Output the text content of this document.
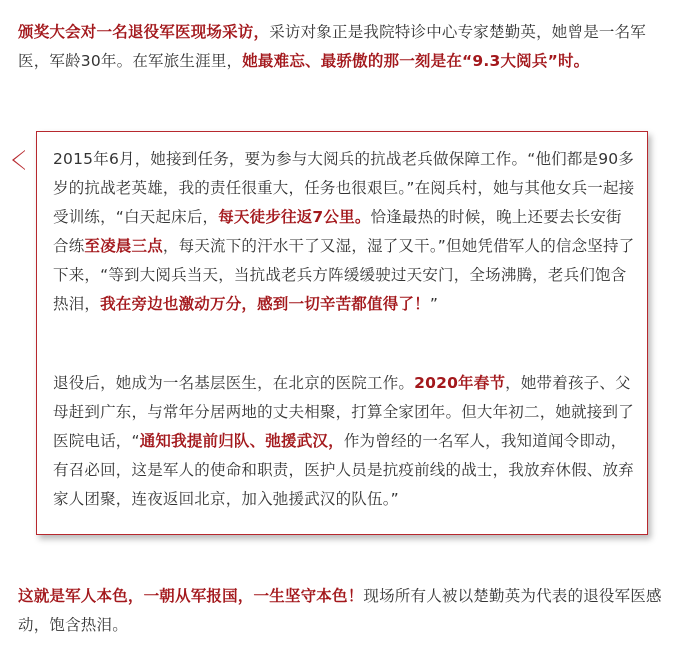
颁奖大会对一名退役军医现场采访，采访对象正是我院特诊中心专家楚勤英，她曾是一名军医，军龄30年。在军旅生涯里，她最难忘、最骄傲的那一刻是在“9.3大阅兵”时。

2015年6月，她接到任务，要为参与大阅兵的抗战老兵做保障工作。“他们都是90多岁的抗战老英雄，我的责任很重大，任务也很艰巨。”在阅兵村，她与其他女兵一起接受训练，“白天起床后，每天徒步往返7公里。恰逢最热的时候，晚上还要去长安街合练至凌晨三点，每天流下的汗水干了又湿，湿了又干。”但她凭借军人的信念坚持了下来，“等到大阅兵当天，当抗战老兵方阵缓缓驶过天安门，全场沸腾，老兵们饱含热泪，我在旁边也激动万分，感到一切辛苦都值得了！”

退役后，她成为一名基层医生，在北京的医院工作。2020年春节，她带着孩子、父母赶到广东，与常年分居两地的丈夫相聚，打算全家团年。但大年初二，她就接到了医院电话，“通知我提前归队、弛援武汉，作为曾经的一名军人，我知道闻令即动，有召必回，这是军人的使命和职责，医护人员是抗疫前线的战士，我放弃休假、放弃家人团聚，连夜返回北京，加入弛援武汉的队伍。”

这就是军人本色，一朝从军报国，一生坚守本色！现场所有人被以楚勤英为代表的退役军医感动，饱含热泪。
